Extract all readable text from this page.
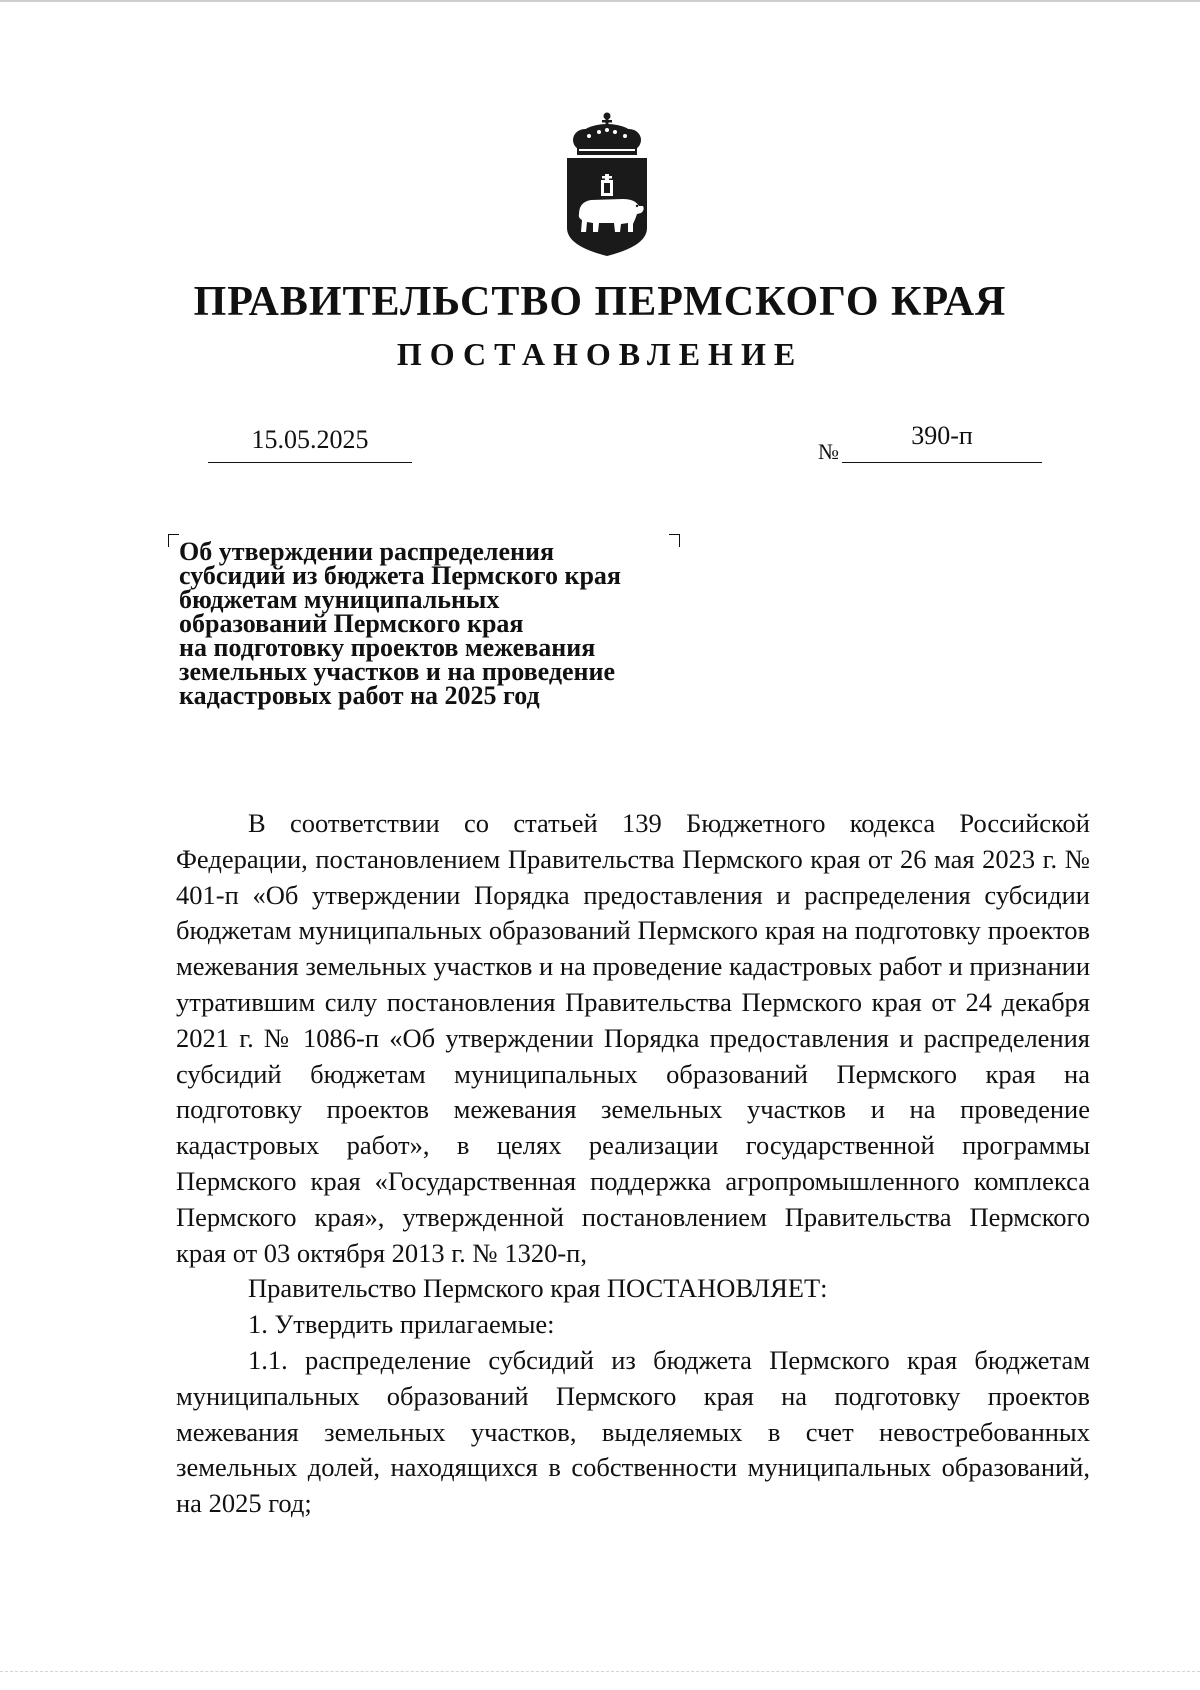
ПРАВИТЕЛЬСТВО ПЕРМСКОГО КРАЯ
ПОСТАНОВЛЕНИЕ
15.05.2025	№
390-п
Об утверждении распределения
субсидий из бюджета Пермского края
бюджетам муниципальных
образований Пермского края
на подготовку проектов межевания
земельных участков и на проведение
кадастровых работ на 2025 год

В соответствии со статьей 139 Бюджетного кодекса Российской Федерации, постановлением Правительства Пермского края от 26 мая 2023 г. № 401-п «Об утверждении Порядка предоставления и распределения субсидии бюджетам муниципальных образований Пермского края на подготовку проектов межевания земельных участков и на проведение кадастровых работ и признании утратившим силу постановления Правительства Пермского края от 24 декабря 2021 г. № 1086-п «Об утверждении Порядка предоставления и распределения субсидий бюджетам муниципальных образований Пермского края на подготовку проектов межевания земельных участков и на проведение кадастровых работ», в целях реализации государственной программы Пермского края «Государственная поддержка агропромышленного комплекса Пермского края», утвержденной постановлением Правительства Пермского края от 03 октября 2013 г. № 1320-п,

Правительство Пермского края ПОСТАНОВЛЯЕТ:

1. Утвердить прилагаемые:

1.1. распределение субсидий из бюджета Пермского края бюджетам муниципальных образований Пермского края на подготовку проектов межевания земельных участков, выделяемых в счет невостребованных земельных долей, находящихся в собственности муниципальных образований, на 2025 год;
